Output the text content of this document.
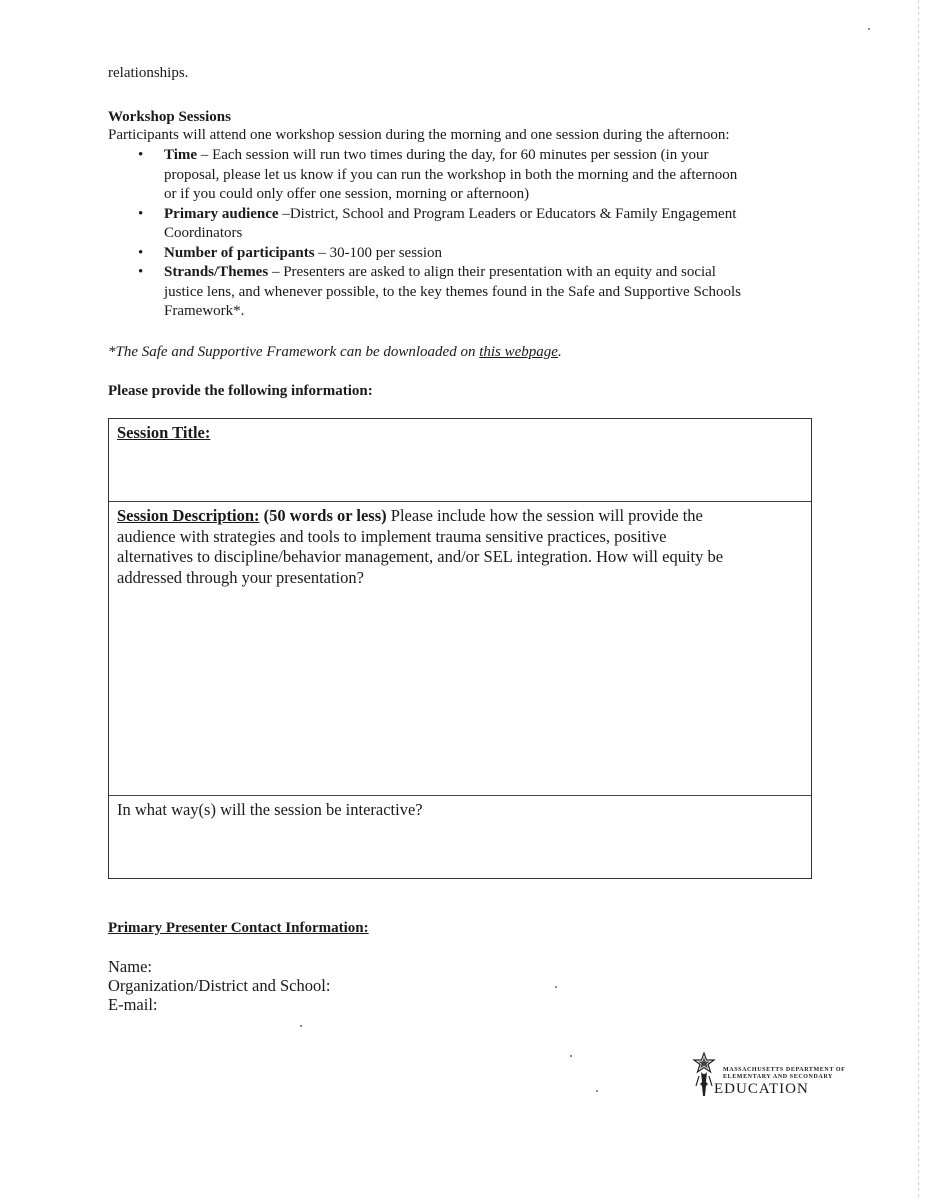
relationships.
Workshop Sessions
Participants will attend one workshop session during the morning and one session during the afternoon:
• Time – Each session will run two times during the day, for 60 minutes per session (in your
proposal, please let us know if you can run the workshop in both the morning and the afternoon
or if you could only offer one session, morning or afternoon)
• Primary audience –District, School and Program Leaders or Educators & Family Engagement
Coordinators
• Number of participants – 30-100 per session
• Strands/Themes – Presenters are asked to align their presentation with an equity and social
justice lens, and whenever possible, to the key themes found in the Safe and Supportive Schools
Framework*.
*The Safe and Supportive Framework can be downloaded on this webpage.
Please provide the following information:
Session Title:
Session Description: (50 words or less) Please include how the session will provide the
audience with strategies and tools to implement trauma sensitive practices, positive
alternatives to discipline/behavior management, and/or SEL integration. How will equity be
addressed through your presentation?
In what way(s) will the session be interactive?
Primary Presenter Contact Information:
Name:
Organization/District and School:
E-mail:
MASSACHUSETTS DEPARTMENT OF
ELEMENTARY AND SECONDARY
EDUCATION
